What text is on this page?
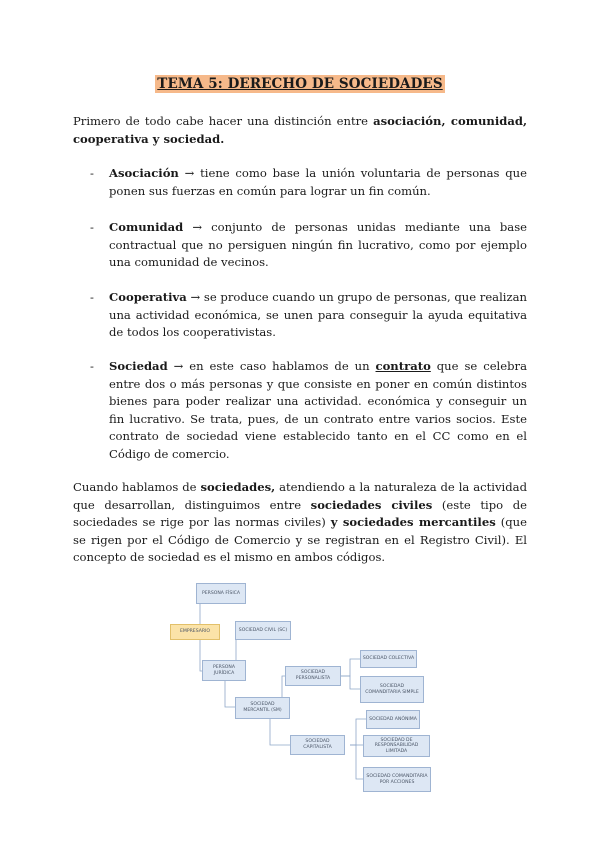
TEMA 5: DERECHO DE SOCIEDADES

Primero de todo cabe hacer una distinción entre asociación, comunidad, cooperativa y sociedad.

- Asociación → tiene como base la unión voluntaria de personas que ponen sus fuerzas en común para lograr un fin común.
- Comunidad → conjunto de personas unidas mediante una base contractual que no persiguen ningún fin lucrativo, como por ejemplo una comunidad de vecinos.
- Cooperativa → se produce cuando un grupo de personas, que realizan una actividad económica, se unen para conseguir la ayuda equitativa de todos los cooperativistas.
- Sociedad → en este caso hablamos de un contrato que se celebra entre dos o más personas y que consiste en poner en común distintos bienes para poder realizar una actividad. económica y conseguir un fin lucrativo. Se trata, pues, de un contrato entre varios socios. Este contrato de sociedad viene establecido tanto en el CC como en el Código de comercio.

Cuando hablamos de sociedades, atendiendo a la naturaleza de la actividad que desarrollan, distinguimos entre sociedades civiles (este tipo de sociedades se rige por las normas civiles) y sociedades mercantiles (que se rigen por el Código de Comercio y se registran en el Registro Civil). El concepto de sociedad es el mismo en ambos códigos.

EMPRESARIO
PERSONA FÍSICA
PERSONA JURÍDICA
SOCIEDAD CIVIL (SC)
SOCIEDAD MERCANTIL (SM)
SOCIEDAD PERSONALISTA
SOCIEDAD CAPITALISTA
SOCIEDAD COLECTIVA
SOCIEDAD COMANDITARIA SIMPLE
SOCIEDAD ANÓNIMA
SOCIEDAD DE RESPONSABILIDAD LIMITADA
SOCIEDAD COMANDITARIA POR ACCIONES
